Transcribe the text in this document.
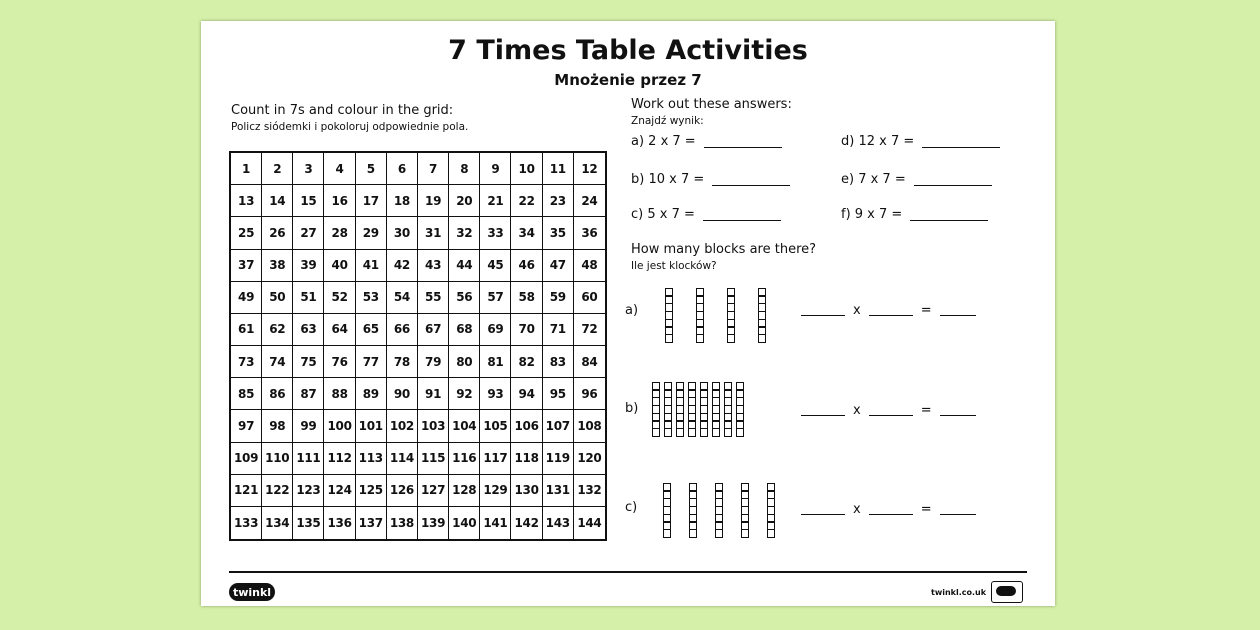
7 Times Table Activities
Mnożenie przez 7
Count in 7s and colour in the grid:
Policz siódemki i pokoloruj odpowiednie pola.
1	2	3	4	5	6	7	8	9	10	11	12
13	14	15	16	17	18	19	20	21	22	23	24
25	26	27	28	29	30	31	32	33	34	35	36
37	38	39	40	41	42	43	44	45	46	47	48
49	50	51	52	53	54	55	56	57	58	59	60
61	62	63	64	65	66	67	68	69	70	71	72
73	74	75	76	77	78	79	80	81	82	83	84
85	86	87	88	89	90	91	92	93	94	95	96
97	98	99 100 101 102 103 104 105 106 107 108
109 110 111 112 113 114 115 116 117 118 119 120
121 122 123 124 125 126 127 128 129 130 131 132
133 134 135 136 137 138 139 140 141 142 143 144
Work out these answers:
Znajdź wynik:
a) 2 x 7 =
b) 10 x 7 =
c) 5 x 7 =
d) 12 x 7 =
e) 7 x 7 =
f) 9 x 7 =
How many blocks are there?
Ile jest klocków?
a)	x	=
b)	x	=
c)	x	=
twinkl	twinkl.co.uk
